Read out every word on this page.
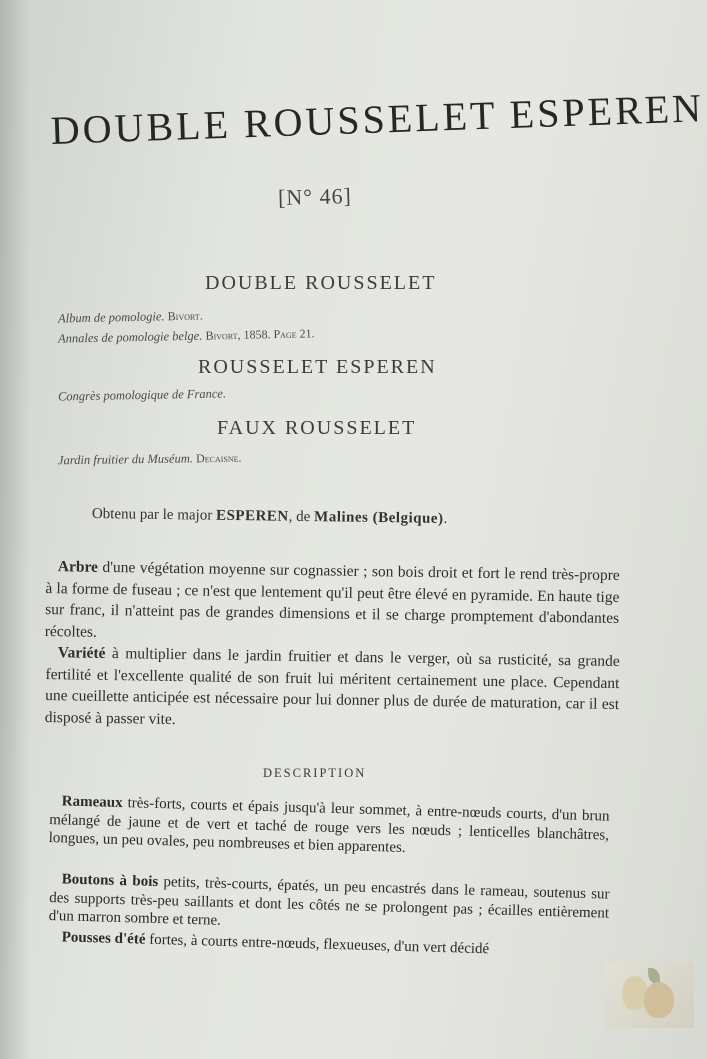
DOUBLE ROUSSELET ESPEREN
[N° 46]
DOUBLE ROUSSELET
Album de pomologie. Bivort.
Annales de pomologie belge. Bivort, 1858. Page 21.
ROUSSELET ESPEREN
Congrès pomologique de France.
FAUX ROUSSELET
Jardin fruitier du Muséum. Decaisne.
Obtenu par le major ESPEREN, de Malines (Belgique).

Arbre d'une végétation moyenne sur cognassier ; son bois droit et fort le rend très-propre à la forme de fuseau ; ce n'est que lentement qu'il peut être élevé en pyramide. En haute tige sur franc, il n'atteint pas de grandes dimensions et il se charge promptement d'abondantes récoltes.

Variété à multiplier dans le jardin fruitier et dans le verger, où sa rusticité, sa grande fertilité et l'excellente qualité de son fruit lui méritent certainement une place. Cependant une cueillette anticipée est nécessaire pour lui donner plus de durée de maturation, car il est disposé à passer vite.

DESCRIPTION

Rameaux très-forts, courts et épais jusqu'à leur sommet, à entre-nœuds courts, d'un brun mélangé de jaune et de vert et taché de rouge vers les nœuds ; lenticelles blanchâtres, longues, un peu ovales, peu nombreuses et bien apparentes.

Boutons à bois petits, très-courts, épatés, un peu encastrés dans le rameau, soutenus sur des supports très-peu saillants et dont les côtés ne se prolongent pas ; écailles entièrement d'un marron sombre et terne.

Pousses d'été fortes, à courts entre-nœuds, flexueuses, d'un vert décidé
